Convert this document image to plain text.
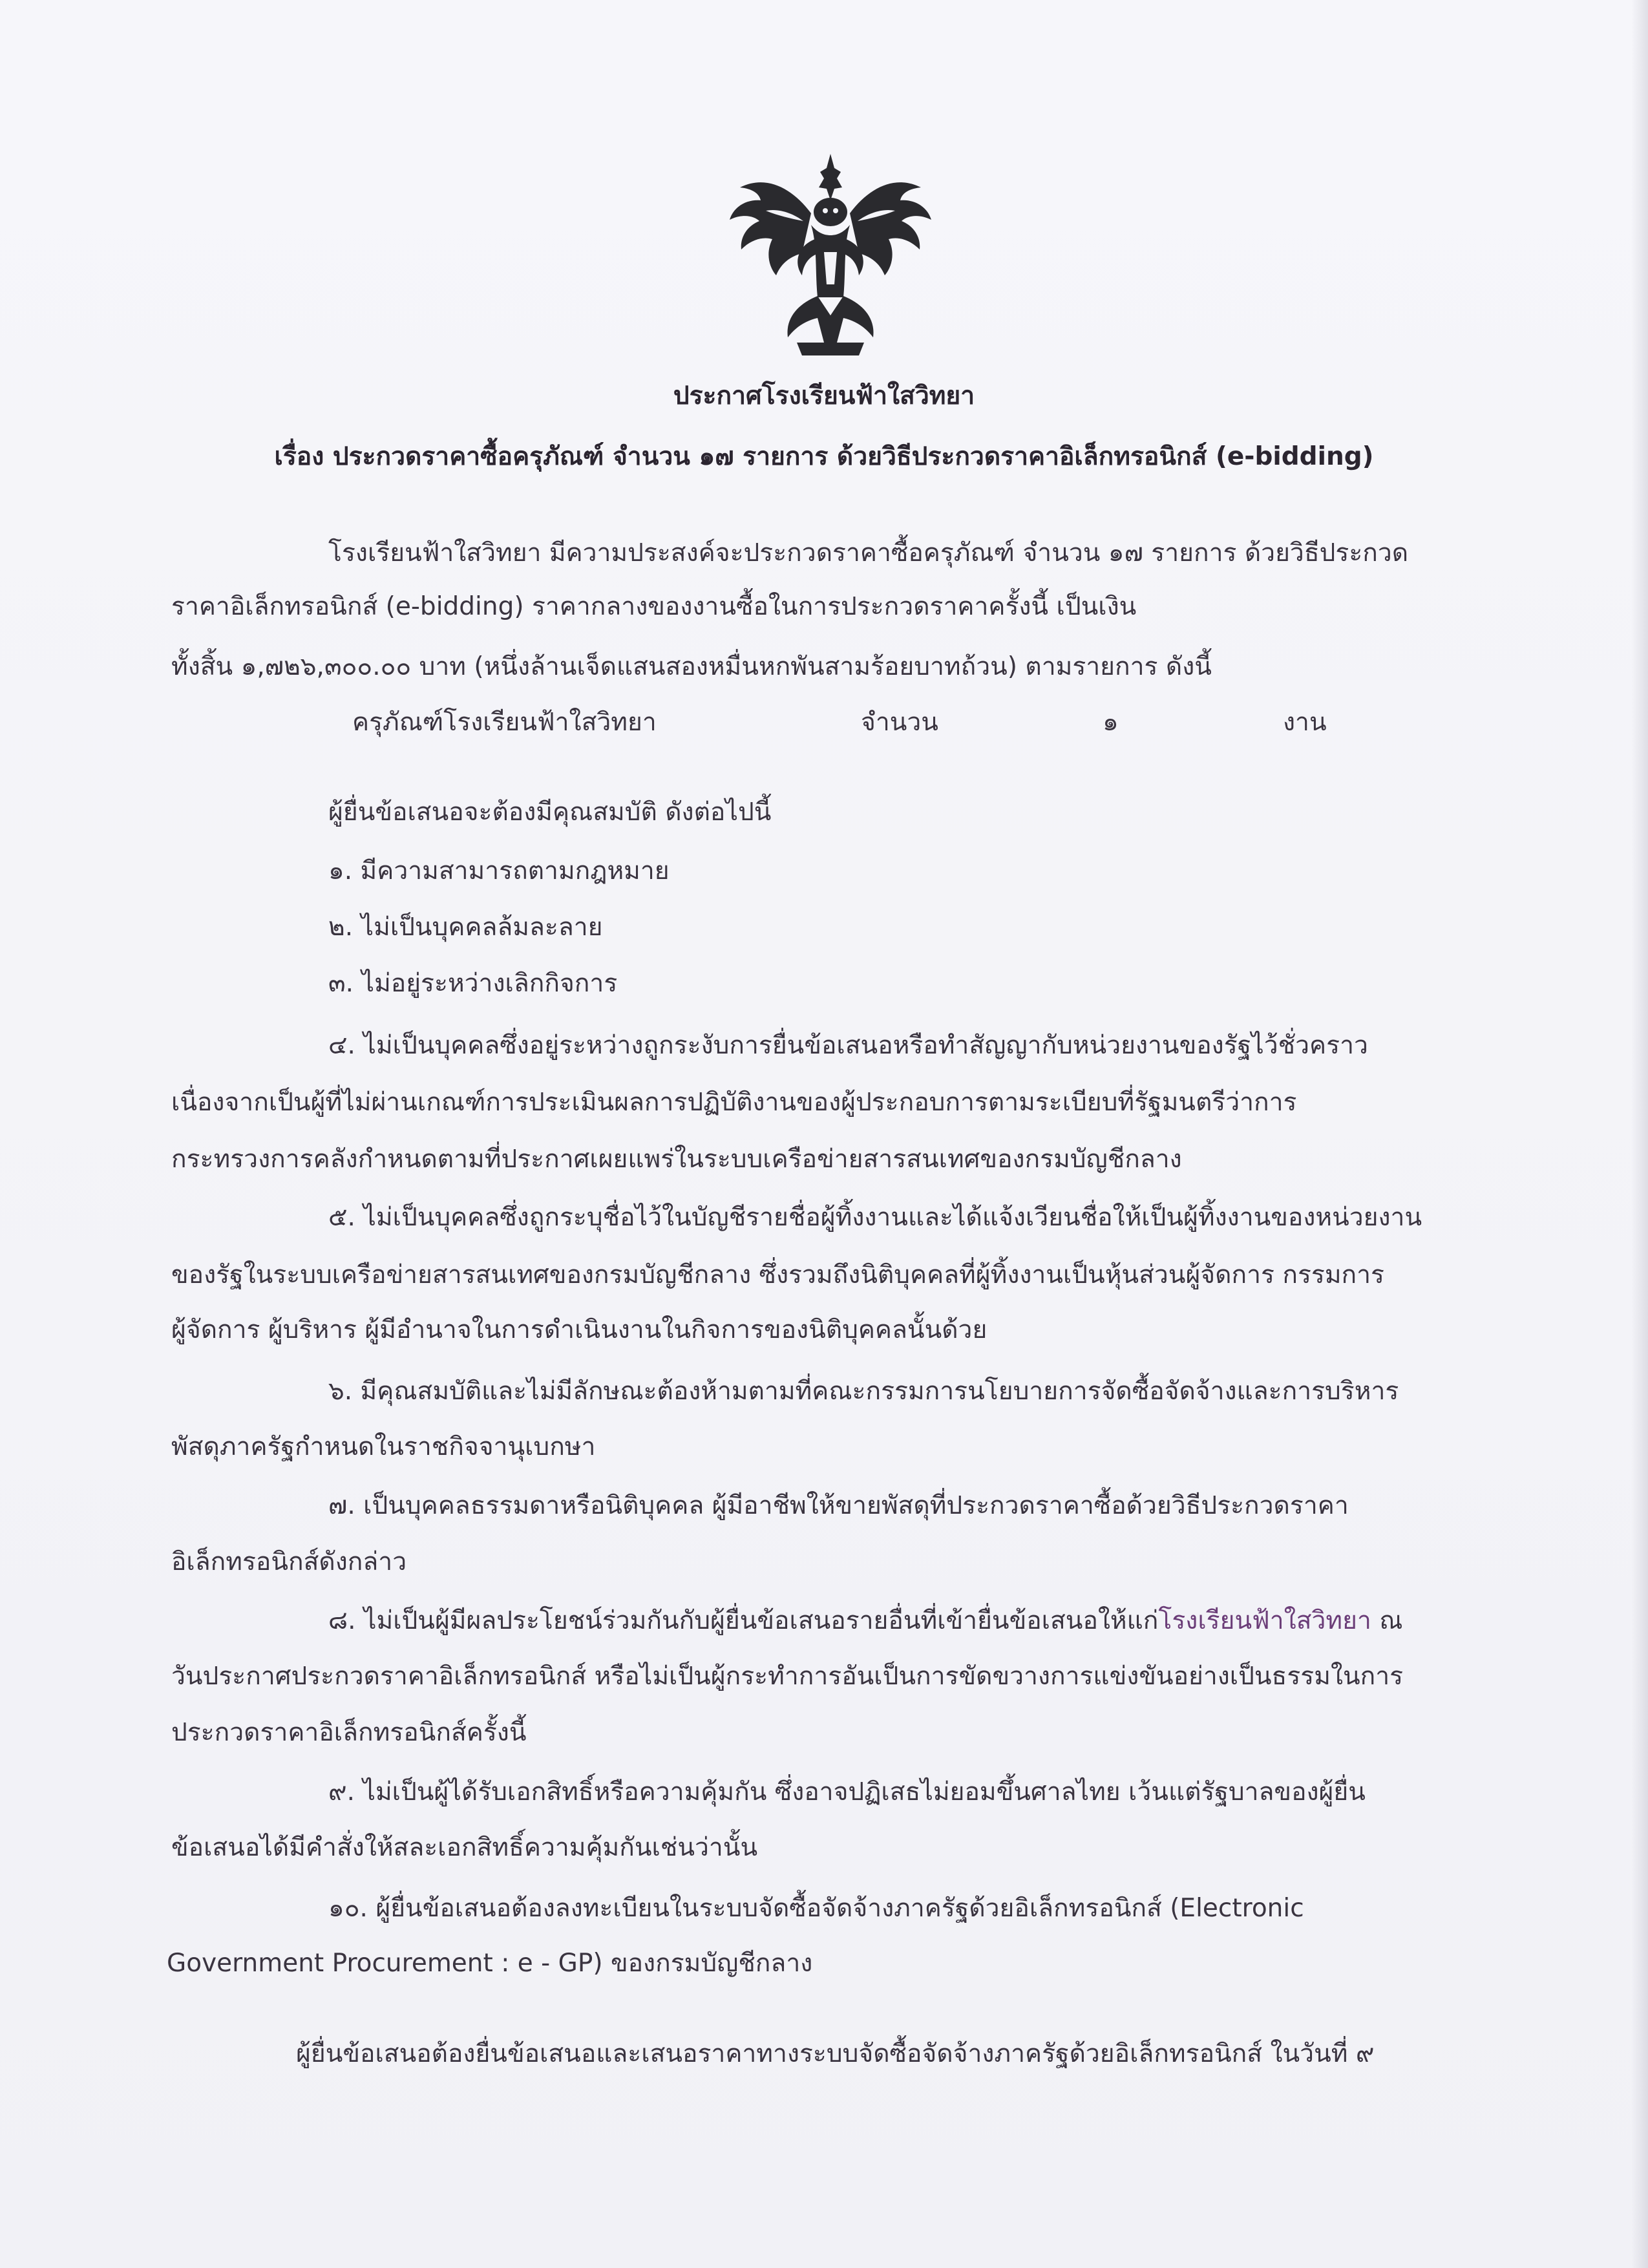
ประกาศโรงเรียนฟ้าใสวิทยา
เรื่อง ประกวดราคาซื้อครุภัณฑ์ จำนวน ๑๗ รายการ ด้วยวิธีประกวดราคาอิเล็กทรอนิกส์ (e-bidding)
โรงเรียนฟ้าใสวิทยา มีความประสงค์จะประกวดราคาซื้อครุภัณฑ์ จำนวน ๑๗ รายการ ด้วยวิธีประกวด
ราคาอิเล็กทรอนิกส์ (e-bidding) ราคากลางของงานซื้อในการประกวดราคาครั้งนี้ เป็นเงิน
ทั้งสิ้น ๑,๗๒๖,๓๐๐.๐๐ บาท (หนึ่งล้านเจ็ดแสนสองหมื่นหกพันสามร้อยบาทถ้วน) ตามรายการ ดังนี้
ครุภัณฑ์โรงเรียนฟ้าใสวิทยา	จำนวน	๑	งาน
ผู้ยื่นข้อเสนอจะต้องมีคุณสมบัติ ดังต่อไปนี้
๑. มีความสามารถตามกฎหมาย
๒. ไม่เป็นบุคคลล้มละลาย
๓. ไม่อยู่ระหว่างเลิกกิจการ
๔. ไม่เป็นบุคคลซึ่งอยู่ระหว่างถูกระงับการยื่นข้อเสนอหรือทำสัญญากับหน่วยงานของรัฐไว้ชั่วคราว
เนื่องจากเป็นผู้ที่ไม่ผ่านเกณฑ์การประเมินผลการปฏิบัติงานของผู้ประกอบการตามระเบียบที่รัฐมนตรีว่าการ
กระทรวงการคลังกำหนดตามที่ประกาศเผยแพร่ในระบบเครือข่ายสารสนเทศของกรมบัญชีกลาง
๕. ไม่เป็นบุคคลซึ่งถูกระบุชื่อไว้ในบัญชีรายชื่อผู้ทิ้งงานและได้แจ้งเวียนชื่อให้เป็นผู้ทิ้งงานของหน่วยงาน
ของรัฐในระบบเครือข่ายสารสนเทศของกรมบัญชีกลาง ซึ่งรวมถึงนิติบุคคลที่ผู้ทิ้งงานเป็นหุ้นส่วนผู้จัดการ กรรมการ
ผู้จัดการ ผู้บริหาร ผู้มีอำนาจในการดำเนินงานในกิจการของนิติบุคคลนั้นด้วย
๖. มีคุณสมบัติและไม่มีลักษณะต้องห้ามตามที่คณะกรรมการนโยบายการจัดซื้อจัดจ้างและการบริหาร
พัสดุภาครัฐกำหนดในราชกิจจานุเบกษา
๗. เป็นบุคคลธรรมดาหรือนิติบุคคล ผู้มีอาชีพให้ขายพัสดุที่ประกวดราคาซื้อด้วยวิธีประกวดราคา
อิเล็กทรอนิกส์ดังกล่าว
๘. ไม่เป็นผู้มีผลประโยชน์ร่วมกันกับผู้ยื่นข้อเสนอรายอื่นที่เข้ายื่นข้อเสนอให้แก่โรงเรียนฟ้าใสวิทยา ณ
วันประกาศประกวดราคาอิเล็กทรอนิกส์ หรือไม่เป็นผู้กระทำการอันเป็นการขัดขวางการแข่งขันอย่างเป็นธรรมในการ
ประกวดราคาอิเล็กทรอนิกส์ครั้งนี้
๙. ไม่เป็นผู้ได้รับเอกสิทธิ์หรือความคุ้มกัน ซึ่งอาจปฏิเสธไม่ยอมขึ้นศาลไทย เว้นแต่รัฐบาลของผู้ยื่น
ข้อเสนอได้มีคำสั่งให้สละเอกสิทธิ์ความคุ้มกันเช่นว่านั้น
๑๐. ผู้ยื่นข้อเสนอต้องลงทะเบียนในระบบจัดซื้อจัดจ้างภาครัฐด้วยอิเล็กทรอนิกส์ (Electronic
Government Procurement : e - GP) ของกรมบัญชีกลาง
ผู้ยื่นข้อเสนอต้องยื่นข้อเสนอและเสนอราคาทางระบบจัดซื้อจัดจ้างภาครัฐด้วยอิเล็กทรอนิกส์ ในวันที่ ๙
